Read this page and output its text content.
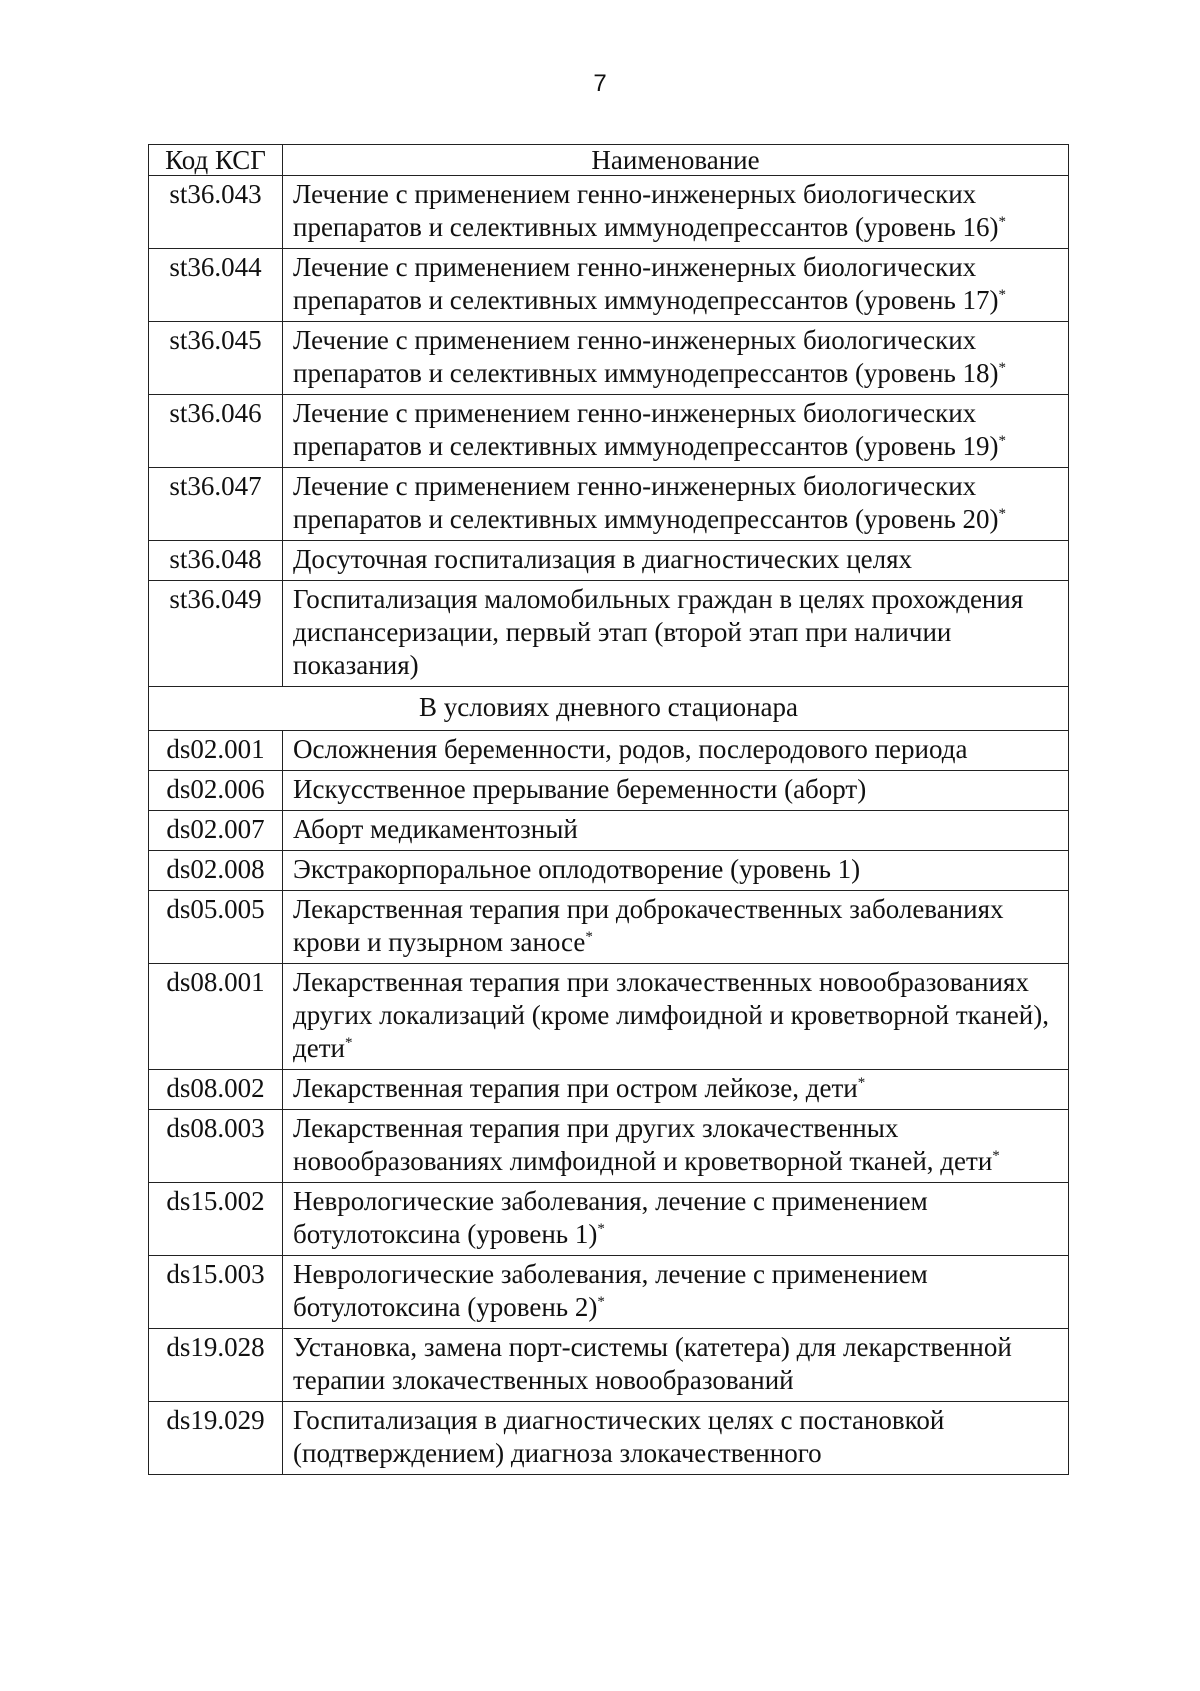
7
Код КСГ	Наименование
st36.043	Лечение с применением генно-инженерных биологических препаратов и селективных иммунодепрессантов (уровень 16)*
st36.044	Лечение с применением генно-инженерных биологических препаратов и селективных иммунодепрессантов (уровень 17)*
st36.045	Лечение с применением генно-инженерных биологических препаратов и селективных иммунодепрессантов (уровень 18)*
st36.046	Лечение с применением генно-инженерных биологических препаратов и селективных иммунодепрессантов (уровень 19)*
st36.047	Лечение с применением генно-инженерных биологических препаратов и селективных иммунодепрессантов (уровень 20)*
st36.048	Досуточная госпитализация в диагностических целях
st36.049	Госпитализация маломобильных граждан в целях прохождения диспансеризации, первый этап (второй этап при наличии показания)
В условиях дневного стационара	
ds02.001	Осложнения беременности, родов, послеродового периода
ds02.006	Искусственное прерывание беременности (аборт)
ds02.007	Аборт медикаментозный
ds02.008	Экстракорпоральное оплодотворение (уровень 1)
ds05.005	Лекарственная терапия при доброкачественных заболеваниях крови и пузырном заносе*
ds08.001	Лекарственная терапия при злокачественных новообразованиях других локализаций (кроме лимфоидной и кроветворной тканей), дети*
ds08.002	Лекарственная терапия при остром лейкозе, дети*
ds08.003	Лекарственная терапия при других злокачественных новообразованиях лимфоидной и кроветворной тканей, дети*
ds15.002	Неврологические заболевания, лечение с применением ботулотоксина (уровень 1)*
ds15.003	Неврологические заболевания, лечение с применением ботулотоксина (уровень 2)*
ds19.028	Установка, замена порт-системы (катетера) для лекарственной терапии злокачественных новообразований
ds19.029	Госпитализация в диагностических целях с постановкой (подтверждением) диагноза злокачественного
